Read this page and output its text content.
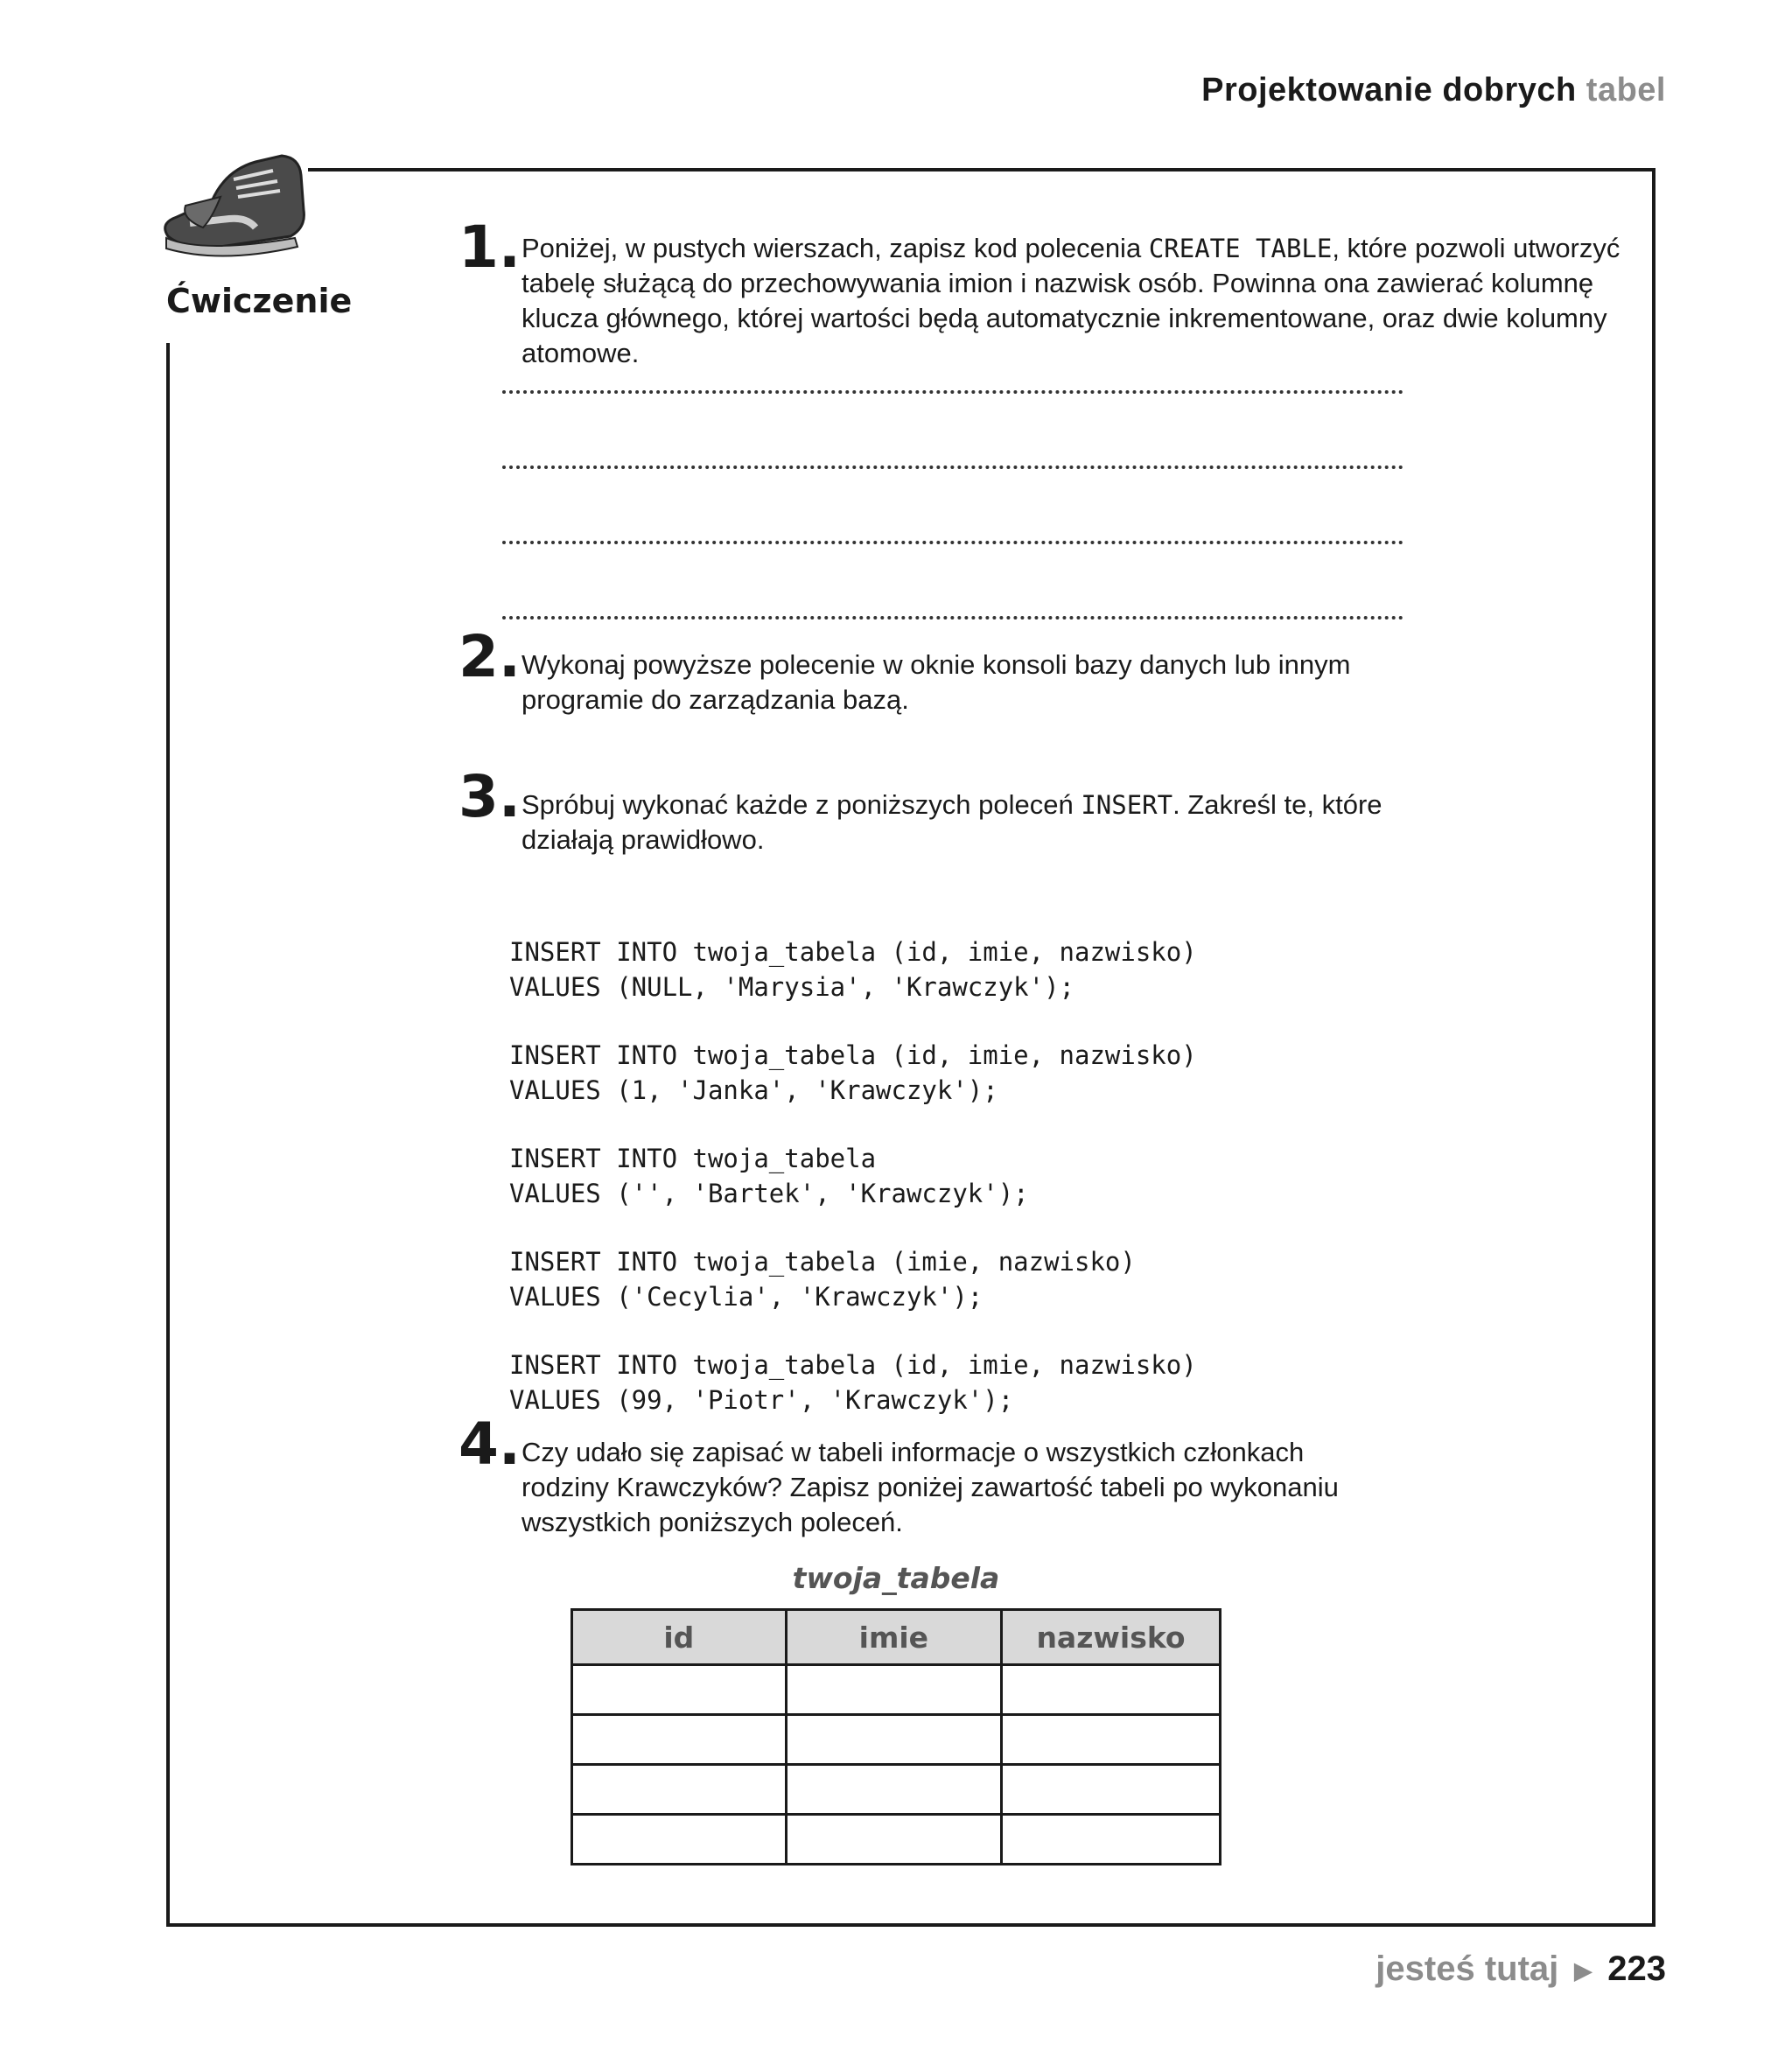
Projektowanie dobrych tabel
Ćwiczenie
1. Poniżej, w pustych wierszach, zapisz kod polecenia CREATE TABLE, które pozwoli utworzyć tabelę służącą do przechowywania imion i nazwisk osób. Powinna ona zawierać kolumnę klucza głównego, której wartości będą automatycznie inkrementowane, oraz dwie kolumny atomowe.
2. Wykonaj powyższe polecenie w oknie konsoli bazy danych lub innym programie do zarządzania bazą.
3. Spróbuj wykonać każde z poniższych poleceń INSERT. Zakreśl te, które działają prawidłowo.

INSERT INTO twoja_tabela (id, imie, nazwisko)
VALUES (NULL, 'Marysia', 'Krawczyk');

INSERT INTO twoja_tabela (id, imie, nazwisko)
VALUES (1, 'Janka', 'Krawczyk');

INSERT INTO twoja_tabela
VALUES ('', 'Bartek', 'Krawczyk');

INSERT INTO twoja_tabela (imie, nazwisko)
VALUES ('Cecylia', 'Krawczyk');

INSERT INTO twoja_tabela (id, imie, nazwisko)
VALUES (99, 'Piotr', 'Krawczyk');

4. Czy udało się zapisać w tabeli informacje o wszystkich członkach rodziny Krawczyków? Zapisz poniżej zawartość tabeli po wykonaniu wszystkich poniższych poleceń.
twoja_tabela
id	imie	nazwisko

jesteś tutaj ▶ 223
